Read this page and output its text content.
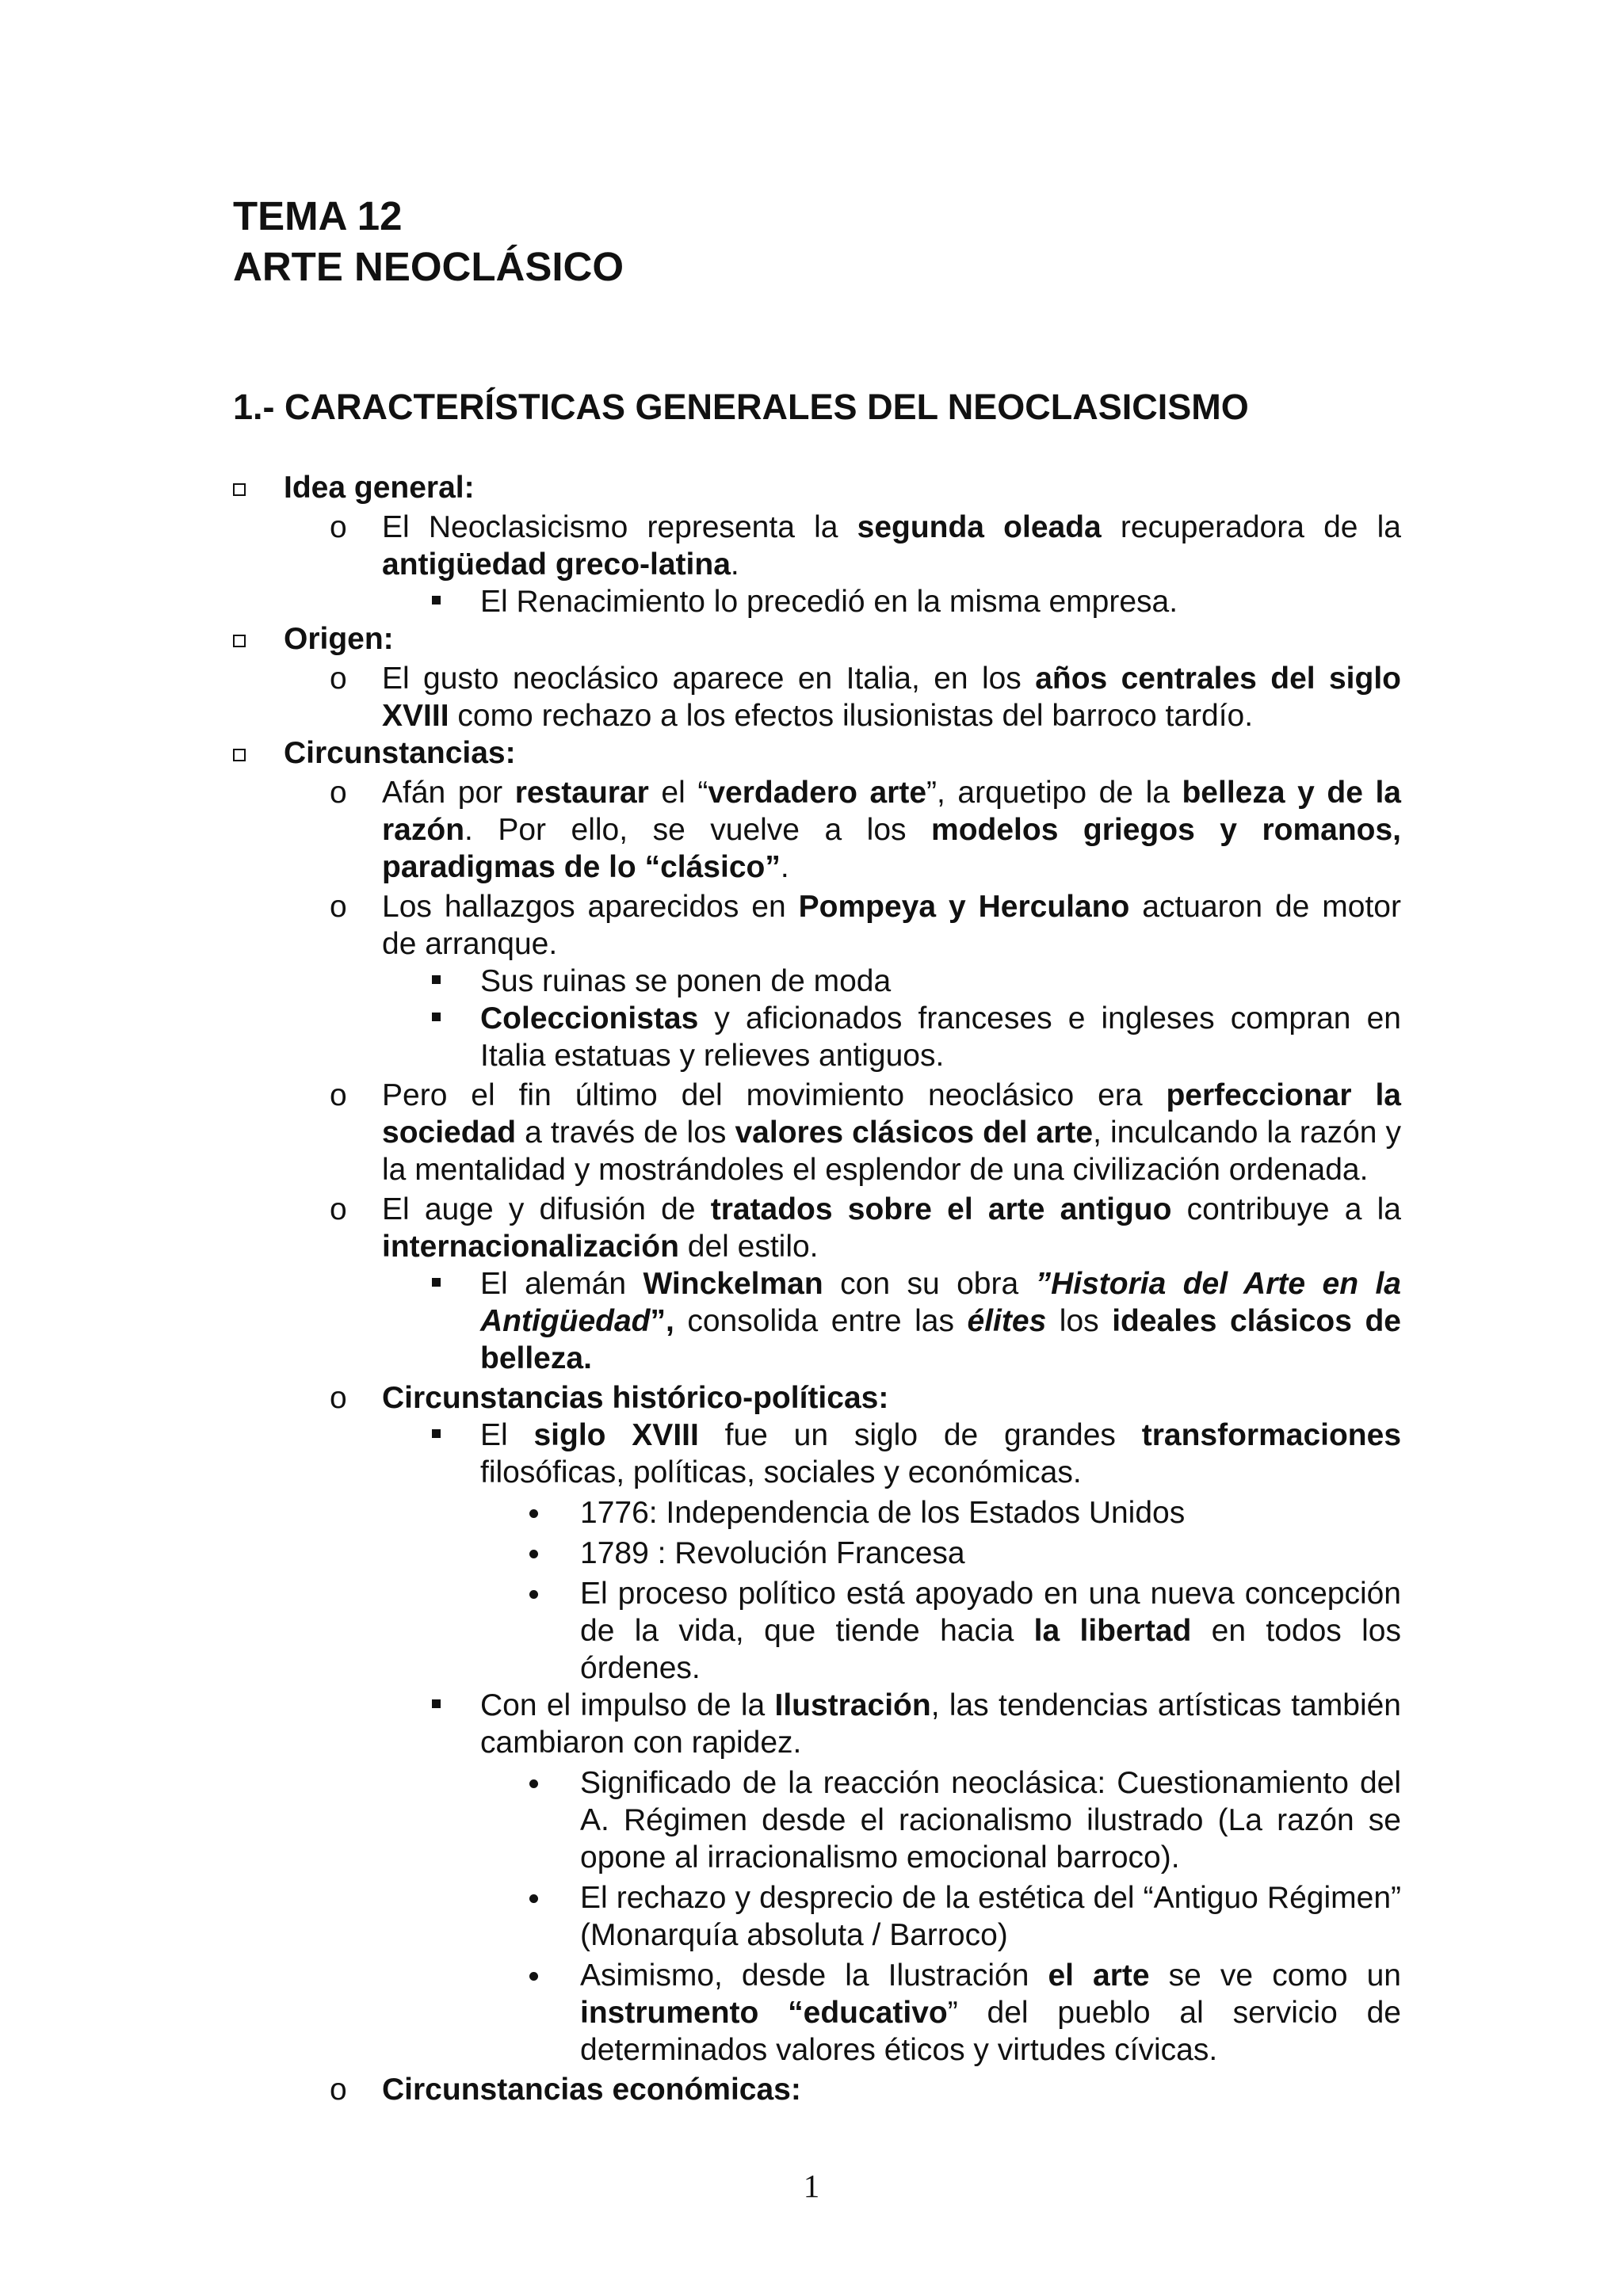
TEMA 12
ARTE NEOCLÁSICO
1.- CARACTERÍSTICAS GENERALES DEL NEOCLASICISMO
Idea general:
o El Neoclasicismo representa la segunda oleada recuperadora de la antigüedad greco-latina.
El Renacimiento lo precedió en la misma empresa.
Origen:
o El gusto neoclásico aparece en Italia, en los años centrales del siglo XVIII como rechazo a los efectos ilusionistas del barroco tardío.
Circunstancias:
o Afán por restaurar el “verdadero arte”, arquetipo de la belleza y de la razón. Por ello, se vuelve a los modelos griegos y romanos, paradigmas de lo “clásico”.
o Los hallazgos aparecidos en Pompeya y Herculano actuaron de motor de arranque.
Sus ruinas se ponen de moda
Coleccionistas y aficionados franceses e ingleses compran en Italia estatuas y relieves antiguos.
o Pero el fin último del movimiento neoclásico era perfeccionar la sociedad a través de los valores clásicos del arte, inculcando la razón y la mentalidad y mostrándoles el esplendor de una civilización ordenada.
o El auge y difusión de tratados sobre el arte antiguo contribuye a la internacionalización del estilo.
El alemán Winckelman con su obra ”Historia del Arte en la Antigüedad”, consolida entre las élites los ideales clásicos de belleza.
o Circunstancias histórico-políticas:
El siglo XVIII fue un siglo de grandes transformaciones filosóficas, políticas, sociales y económicas.
1776: Independencia de los Estados Unidos
1789 : Revolución Francesa
El proceso político está apoyado en una nueva concepción de la vida, que tiende hacia la libertad en todos los órdenes.
Con el impulso de la Ilustración, las tendencias artísticas también cambiaron con rapidez.
Significado de la reacción neoclásica: Cuestionamiento del A. Régimen desde el racionalismo ilustrado (La razón se opone al irracionalismo emocional barroco).
El rechazo y desprecio de la estética del “Antiguo Régimen” (Monarquía absoluta / Barroco)
Asimismo, desde la Ilustración el arte se ve como un instrumento “educativo” del pueblo al servicio de determinados valores éticos y virtudes cívicas.
o Circunstancias económicas:
1
